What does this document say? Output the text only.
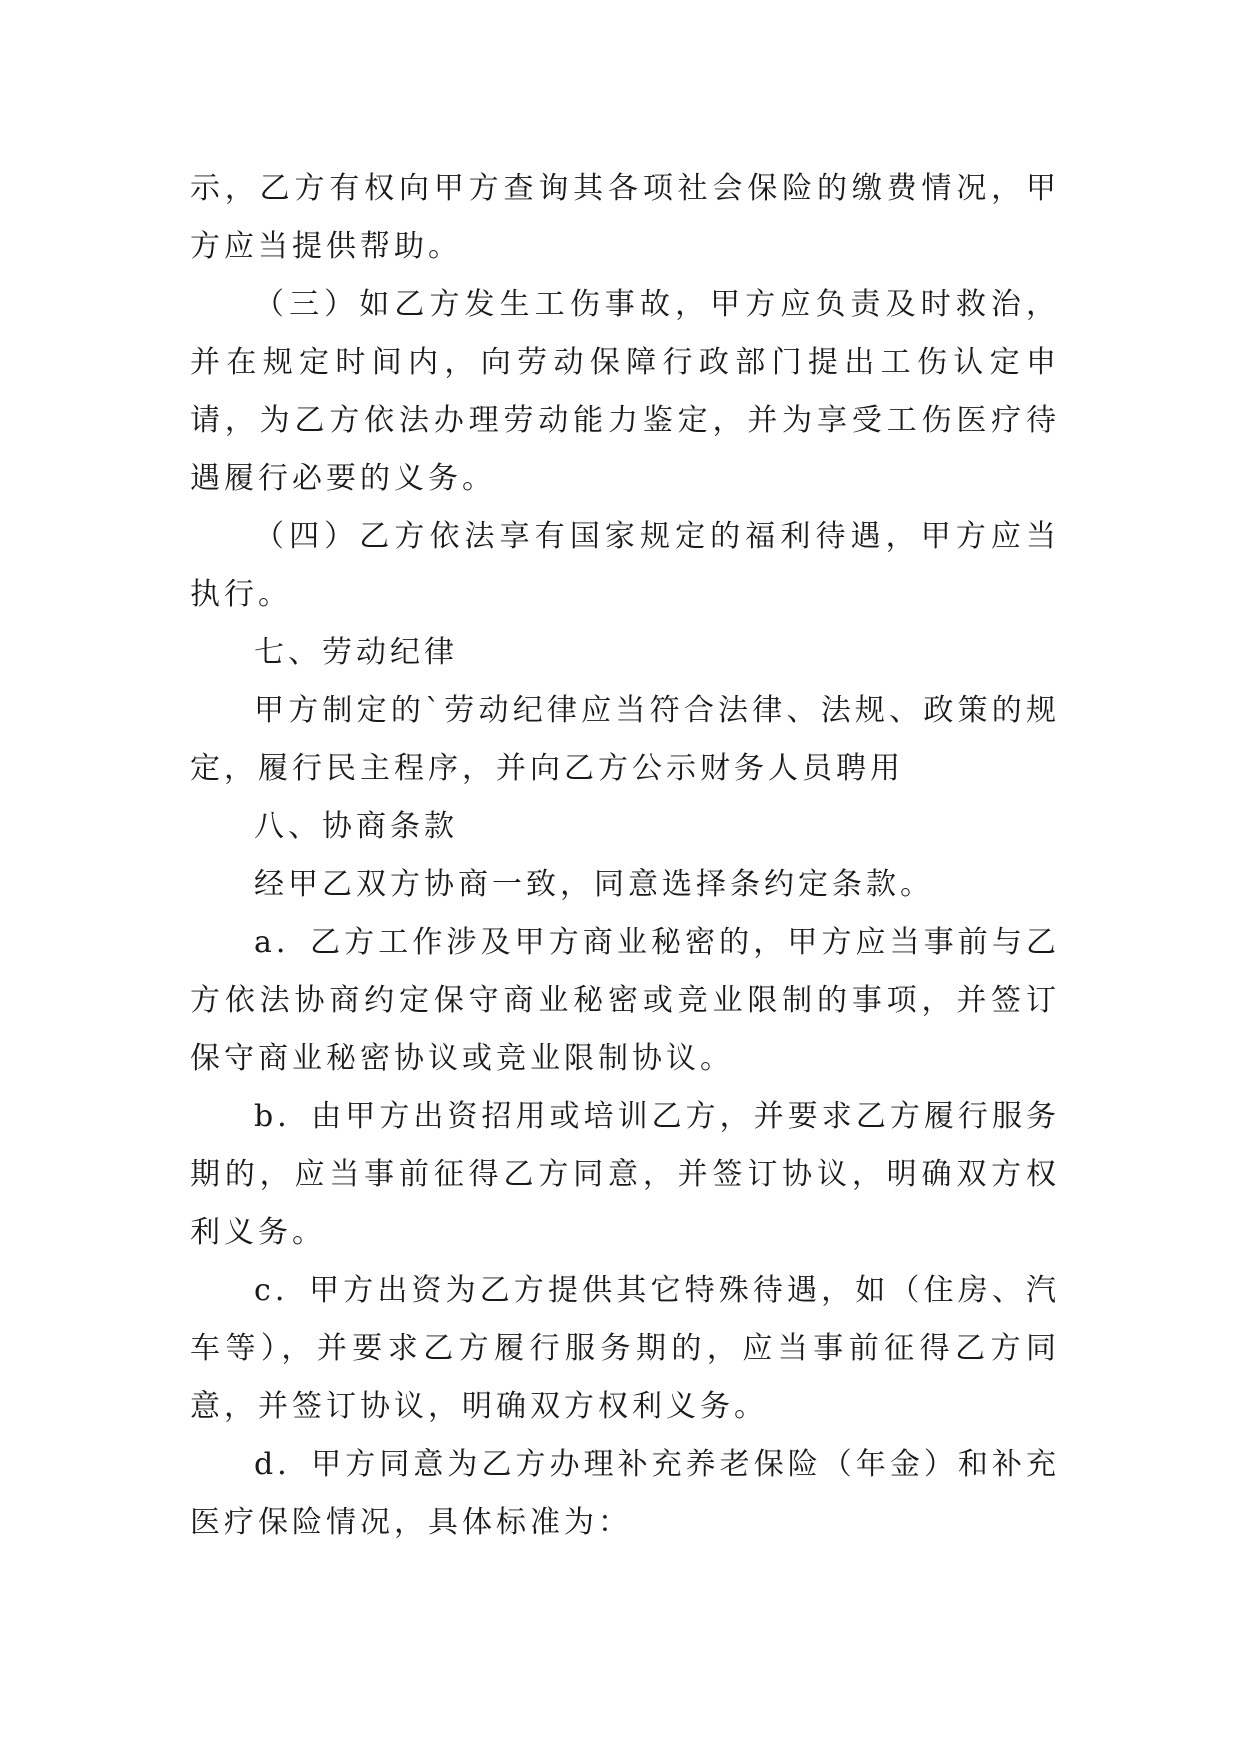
示，乙方有权向甲方查询其各项社会保险的缴费情况，甲方应当提供帮助。

（三）如乙方发生工伤事故，甲方应负责及时救治，并在规定时间内，向劳动保障行政部门提出工伤认定申请，为乙方依法办理劳动能力鉴定，并为享受工伤医疗待遇履行必要的义务。

（四）乙方依法享有国家规定的福利待遇，甲方应当执行。

七、劳动纪律

甲方制定的`劳动纪律应当符合法律、法规、政策的规定，履行民主程序，并向乙方公示财务人员聘用

八、协商条款

经甲乙双方协商一致，同意选择条约定条款。

a．乙方工作涉及甲方商业秘密的，甲方应当事前与乙方依法协商约定保守商业秘密或竞业限制的事项，并签订保守商业秘密协议或竞业限制协议。

b．由甲方出资招用或培训乙方，并要求乙方履行服务期的，应当事前征得乙方同意，并签订协议，明确双方权利义务。

c．甲方出资为乙方提供其它特殊待遇，如（住房、汽车等），并要求乙方履行服务期的，应当事前征得乙方同意，并签订协议，明确双方权利义务。

d．甲方同意为乙方办理补充养老保险（年金）和补充医疗保险情况，具体标准为：
